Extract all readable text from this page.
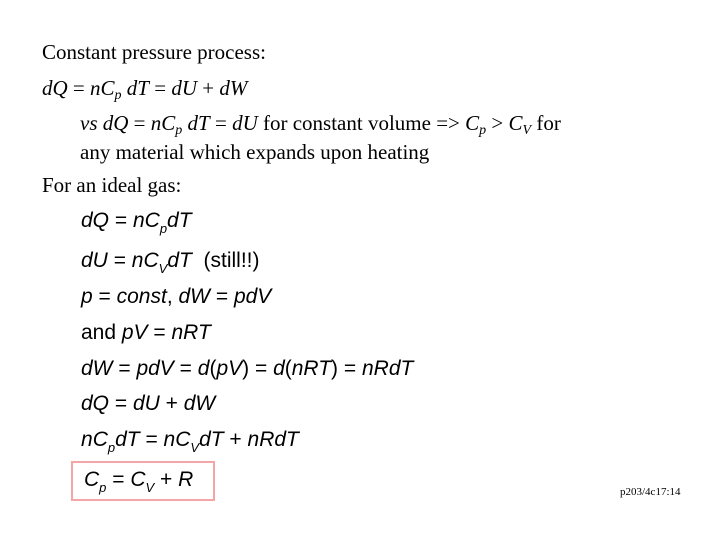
Constant pressure process:
dQ = $nC_p$ dT = dU + dW
vs dQ = $nC_p$ dT = dU for constant volume => $C_p > C_V$ for
any material which expands upon heating
For an ideal gas:
dQ = $nC_pdT$
dU = $nC_VdT$ (still!!)
p = const, dW = pdV
and pV = nRT
dW = pdV = d(pV) = d(nRT) = nRdT
dQ = dU + dW
$nC_pdT = nC_VdT$ + nRdT
$C_p = C_V + R$
p203/4c17:14
